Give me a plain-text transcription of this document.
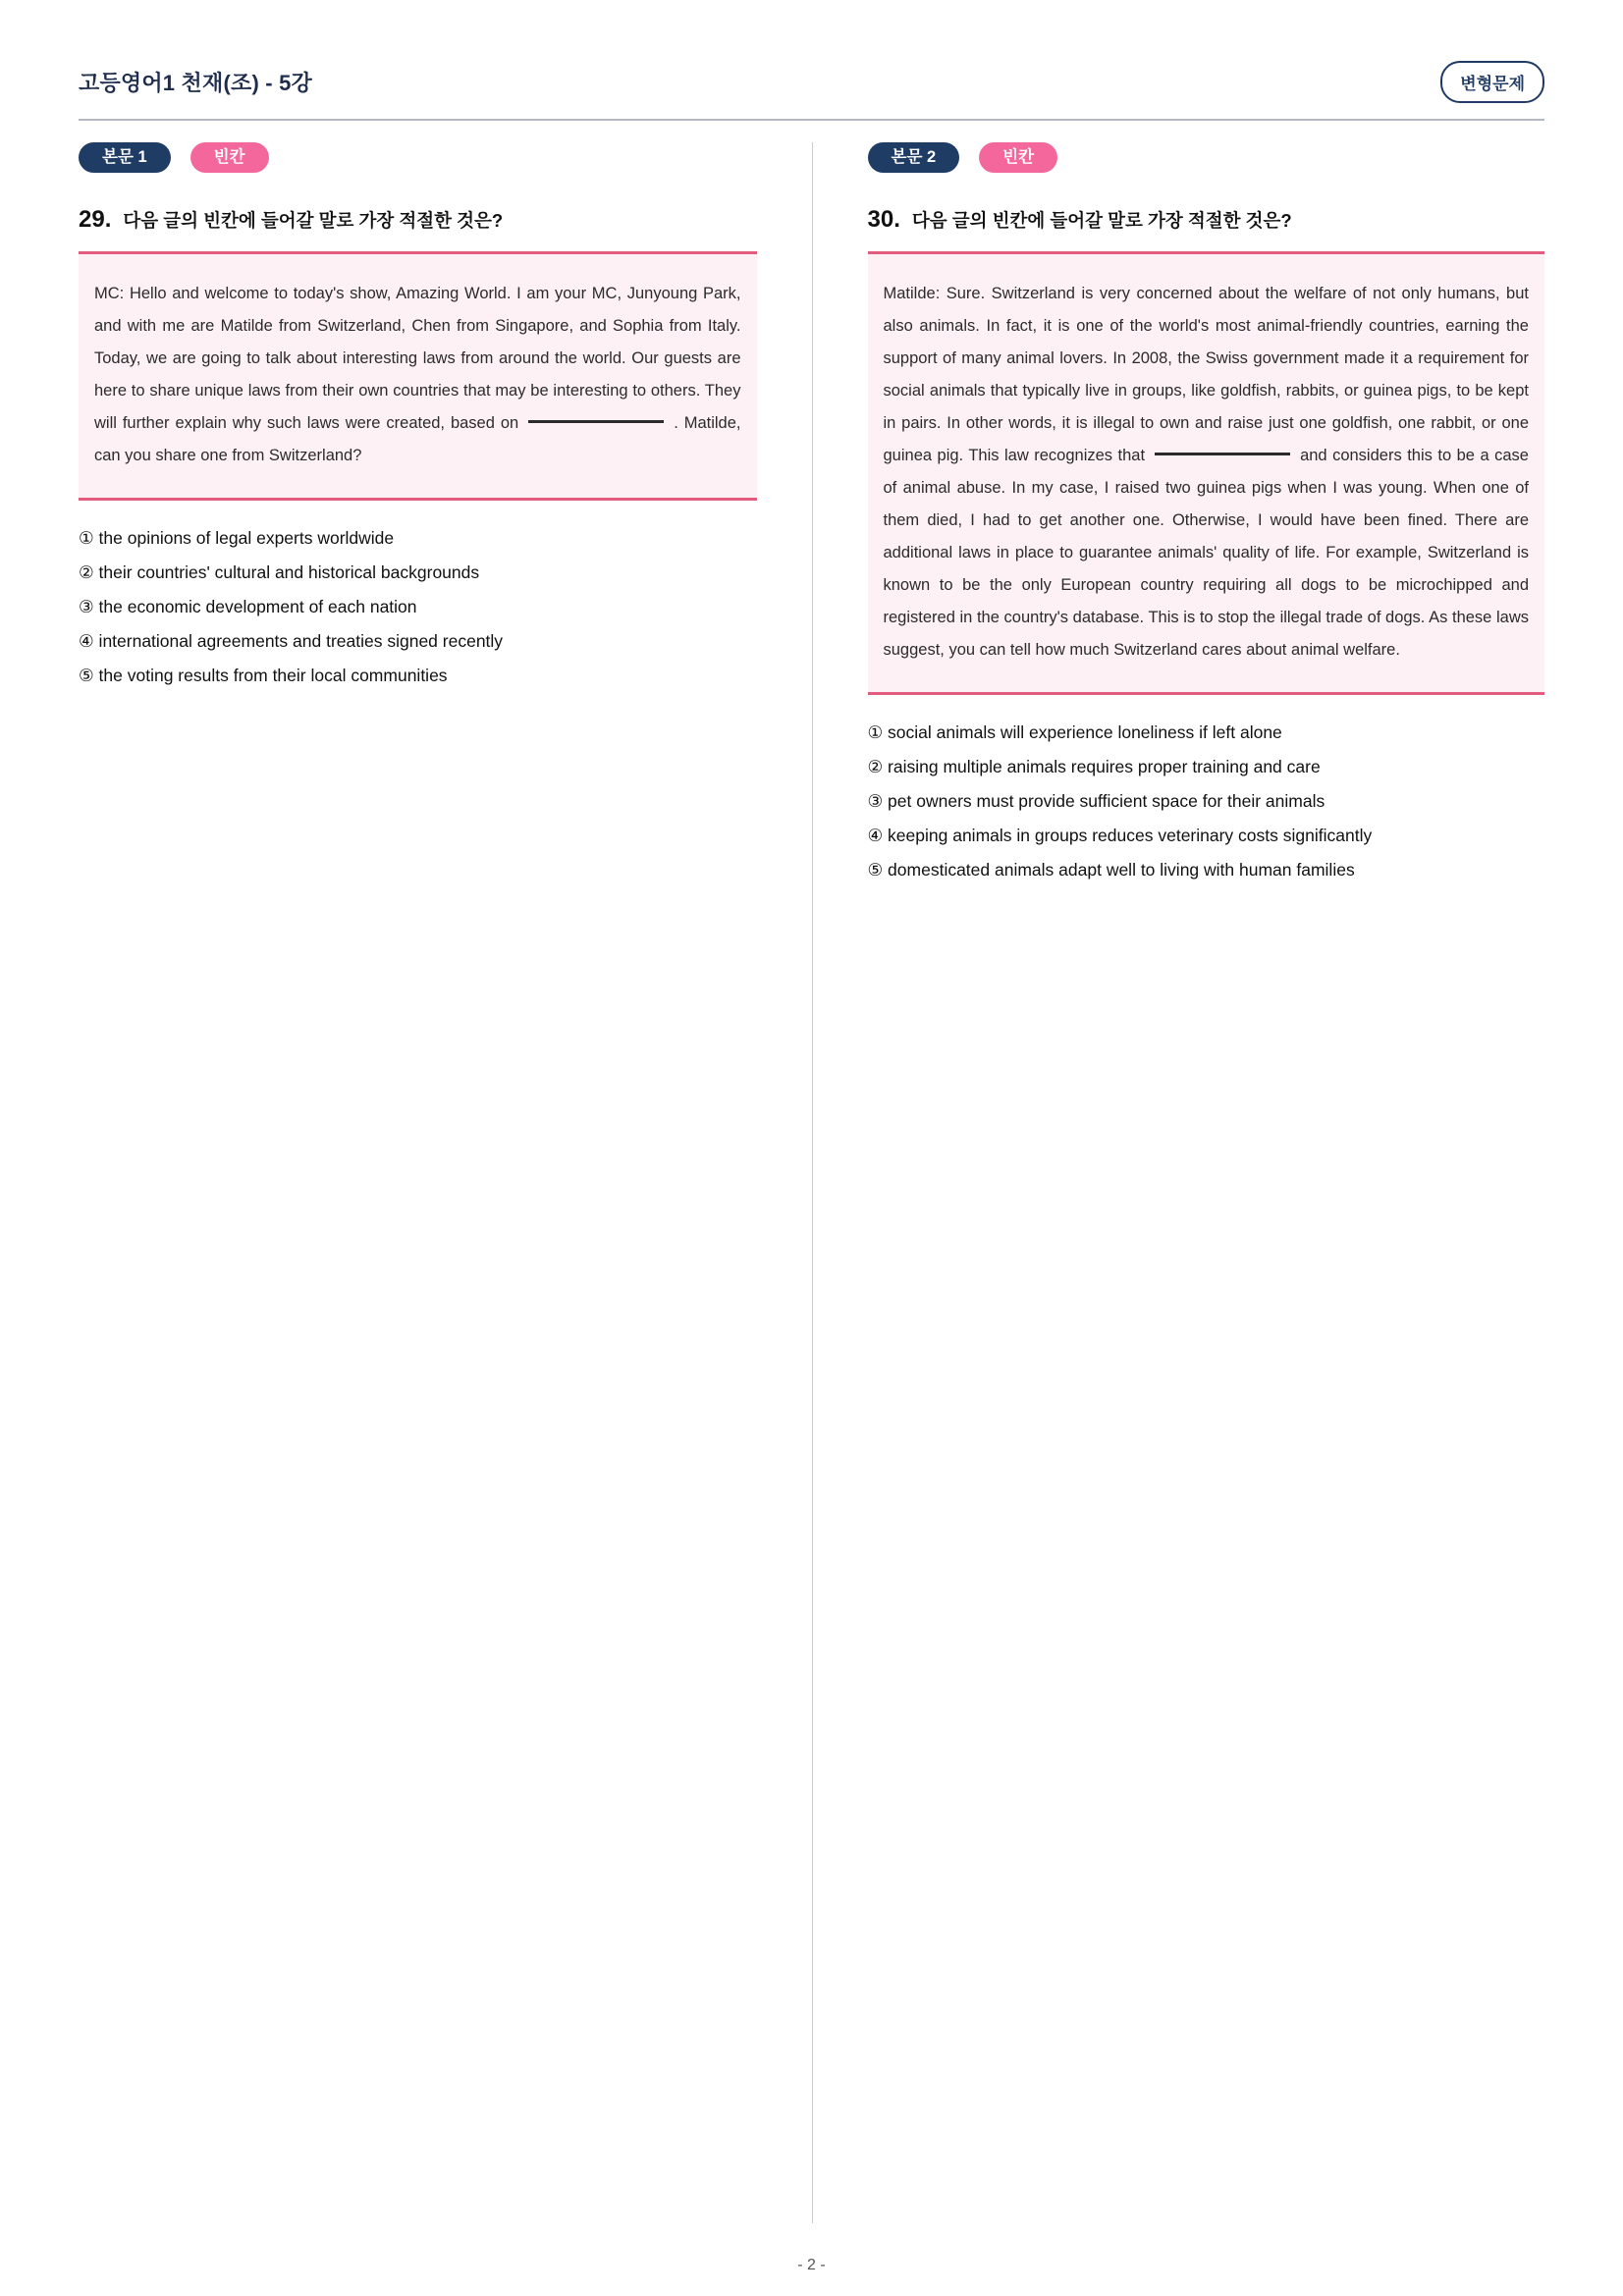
고등영어1 천재(조) - 5강	변형문제
본문 1	빈칸
29. 다음 글의 빈칸에 들어갈 말로 가장 적절한 것은?
MC: Hello and welcome to today's show, Amazing World. I am your MC, Junyoung Park, and with me are Matilde from Switzerland, Chen from Singapore, and Sophia from Italy. Today, we are going to talk about interesting laws from around the world. Our guests are here to share unique laws from their own countries that may be interesting to others. They will further explain why such laws were created, based on	. Matilde, can you share one from Switzerland?
① the opinions of legal experts worldwide
② their countries' cultural and historical backgrounds
③ the economic development of each nation
④ international agreements and treaties signed recently
⑤ the voting results from their local communities
본문 2	빈칸
30. 다음 글의 빈칸에 들어갈 말로 가장 적절한 것은?
Matilde: Sure. Switzerland is very concerned about the welfare of not only humans, but also animals. In fact, it is one of the world's most animal-friendly countries, earning the support of many animal lovers. In 2008, the Swiss government made it a requirement for social animals that typically live in groups, like goldfish, rabbits, or guinea pigs, to be kept in pairs. In other words, it is illegal to own and raise just one goldfish, one rabbit, or one guinea pig. This law recognizes that	and considers this to be a case of animal abuse. In my case, I raised two guinea pigs when I was young. When one of them died, I had to get another one. Otherwise, I would have been fined. There are additional laws in place to guarantee animals' quality of life. For example, Switzerland is known to be the only European country requiring all dogs to be microchipped and registered in the country's database. This is to stop the illegal trade of dogs. As these laws suggest, you can tell how much Switzerland cares about animal welfare.
① social animals will experience loneliness if left alone
② raising multiple animals requires proper training and care
③ pet owners must provide sufficient space for their animals
④ keeping animals in groups reduces veterinary costs significantly
⑤ domesticated animals adapt well to living with human families
- 2 -
